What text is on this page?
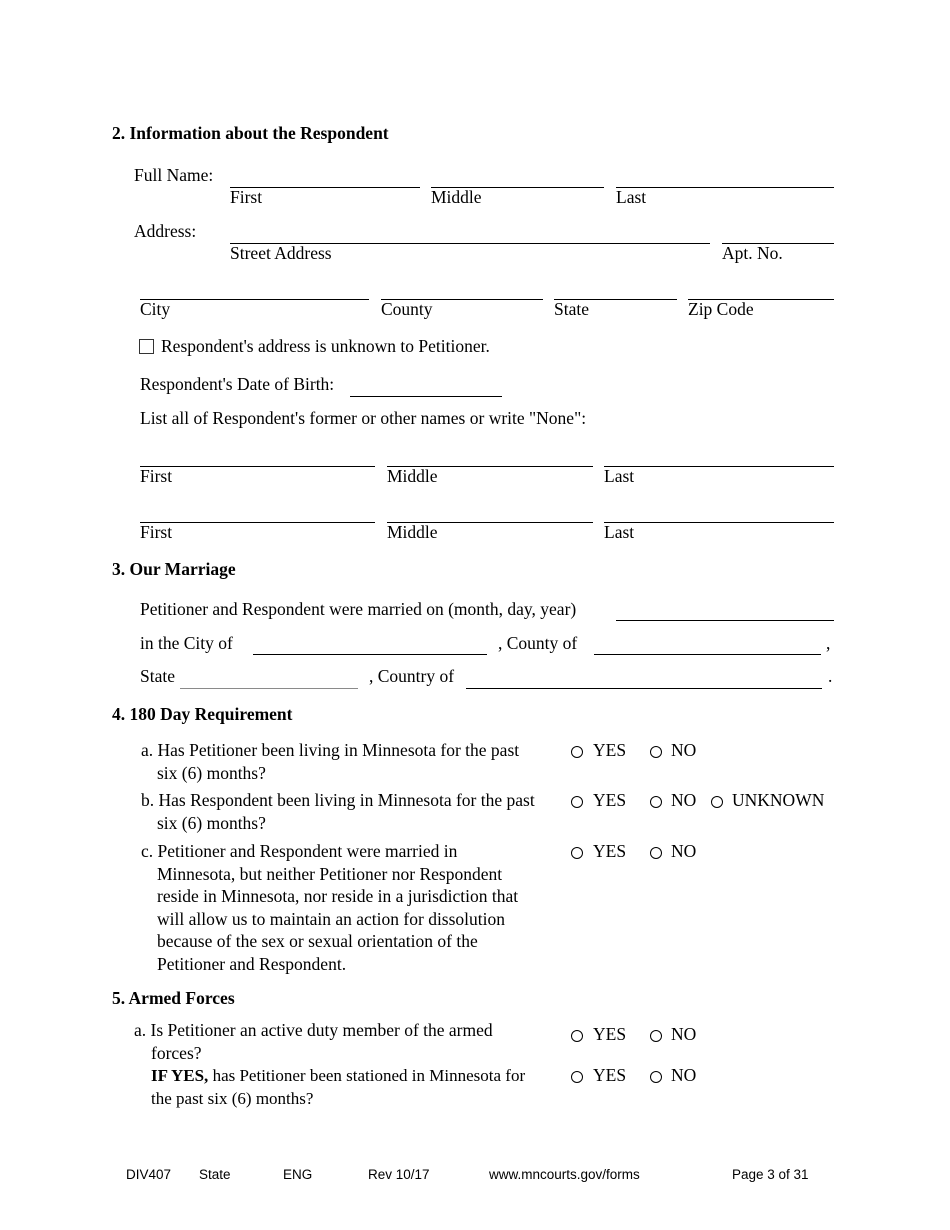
2. Information about the Respondent
Full Name:
First	Middle	Last
Address:
Street Address	Apt. No.
City	County	State	Zip Code
Respondent's address is unknown to Petitioner.
Respondent's Date of Birth:
List all of Respondent's former or other names or write "None":
First	Middle	Last
First	Middle	Last
3. Our Marriage
Petitioner and Respondent were married on (month, day, year)
in the City of	, County of	,
State	, Country of	.
4. 180 Day Requirement
a. Has Petitioner been living in Minnesota for the past
six (6) months?
YES	NO
b. Has Respondent been living in Minnesota for the past
six (6) months?
YES	NO UNKNOWN
c. Petitioner and Respondent were married in
Minnesota, but neither Petitioner nor Respondent
reside in Minnesota, nor reside in a jurisdiction that
will allow us to maintain an action for dissolution
because of the sex or sexual orientation of the
Petitioner and Respondent.
YES	NO
5. Armed Forces
a. Is Petitioner an active duty member of the armed
forces?
YES	NO
IF YES, has Petitioner been stationed in Minnesota for
the past six (6) months?
YES	NO
DIV407 State	ENG	Rev 10/17	www.mncourts.gov/forms	Page 3 of 31
